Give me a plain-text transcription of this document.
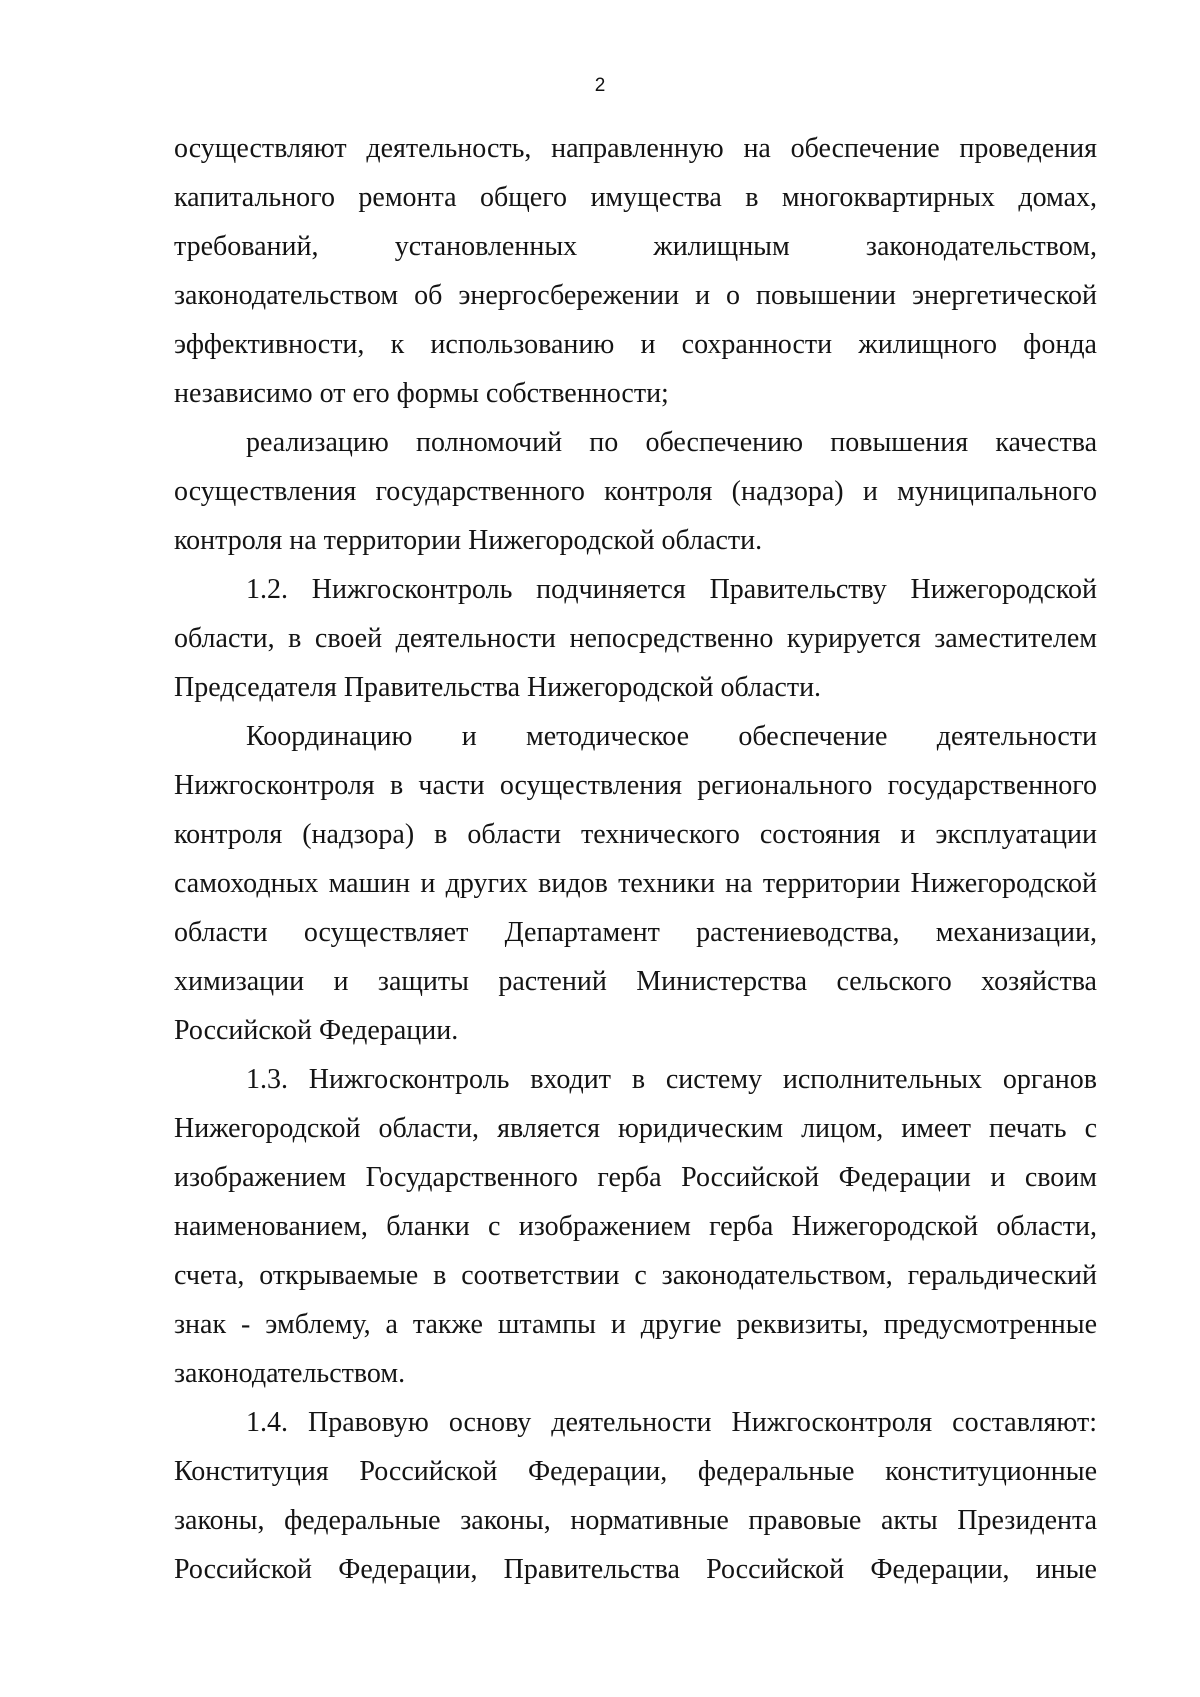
2

осуществляют деятельность, направленную на обеспечение проведения капитального ремонта общего имущества в многоквартирных домах, требований, установленных жилищным законодательством, законодательством об энергосбережении и о повышении энергетической эффективности, к использованию и сохранности жилищного фонда независимо от его формы собственности;

реализацию полномочий по обеспечению повышения качества осуществления государственного контроля (надзора) и муниципального контроля на территории Нижегородской области.

1.2. Нижгосконтроль подчиняется Правительству Нижегородской области, в своей деятельности непосредственно курируется заместителем Председателя Правительства Нижегородской области.

Координацию и методическое обеспечение деятельности Нижгосконтроля в части осуществления регионального государственного контроля (надзора) в области технического состояния и эксплуатации самоходных машин и других видов техники на территории Нижегородской области осуществляет Департамент растениеводства, механизации, химизации и защиты растений Министерства сельского хозяйства Российской Федерации.

1.3. Нижгосконтроль входит в систему исполнительных органов Нижегородской области, является юридическим лицом, имеет печать с изображением Государственного герба Российской Федерации и своим наименованием, бланки с изображением герба Нижегородской области, счета, открываемые в соответствии с законодательством, геральдический знак - эмблему, а также штампы и другие реквизиты, предусмотренные законодательством.

1.4. Правовую основу деятельности Нижгосконтроля составляют: Конституция Российской Федерации, федеральные конституционные законы, федеральные законы, нормативные правовые акты Президента Российской Федерации, Правительства Российской Федерации, иные
